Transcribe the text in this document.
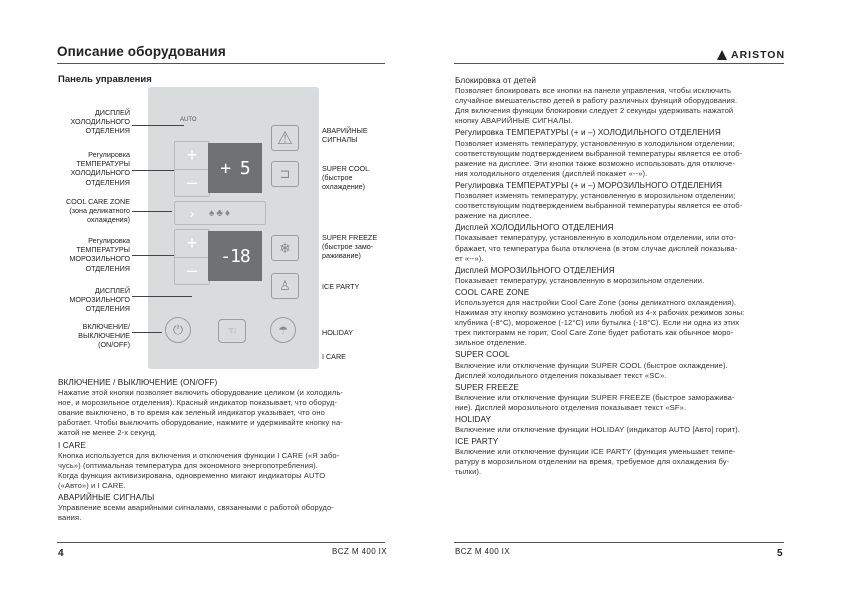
Описание оборудования	ARISTON
Панель управления
AUTO
+
–
+ 5
›	♠♣♦
+
–
-18
⚠
⊐
❄
♙
⏻	☜	☂
ДИСПЛЕЙ
ХОЛОДИЛЬНОГО
ОТДЕЛЕНИЯ
Регулировка
ТЕМПЕРАТУРЫ
ХОЛОДИЛЬНОГО
ОТДЕЛЕНИЯ
COOL CARE ZONE
(зона деликатного
охлаждения)
Регулировка
ТЕМПЕРАТУРЫ
МОРОЗИЛЬНОГО
ОТДЕЛЕНИЯ
ДИСПЛЕЙ
МОРОЗИЛЬНОГО
ОТДЕЛЕНИЯ
ВКЛЮЧЕНИЕ/
ВЫКЛЮЧЕНИЕ
(ON/OFF)
АВАРИЙНЫЕ
СИГНАЛЫ
SUPER COOL
(быстрое
охлаждение)
SUPER FREEZE
(быстрое замо-
раживание)
ICE PARTY
HOLIDAY
I CARE
ВКЛЮЧЕНИЕ / ВЫКЛЮЧЕНИЕ (ON/OFF)

Нажатие этой кнопки позволяет включить оборудование целиком (и холодиль-
ное, и морозильное отделения). Красный индикатор показывает, что оборуд-
ование выключено, в то время как зеленый индикатор указывает, что оно
работает. Чтобы выключить оборудование, нажмите и удерживайте кнопку на-
жатой не менее 2-х секунд.

I CARE

Кнопка используется для включения и отключения функции I CARE («Я забо-
чусь») (оптимальная температура для экономного энергопотребления).
Когда функция активизирована, одновременно мигают индикаторы AUTO
(«Авто») и I CARE.

АВАРИЙНЫЕ СИГНАЛЫ

Управление всеми аварийными сигналами, связанными с работой оборудо-
вания.

Блокировка от детей

Позволяет блокировать все кнопки на панели управления, чтобы исключить
случайное вмешательство детей в работу различных функций оборудования.
Для включения функции блокировки следует 2 секунды удерживать нажатой
кнопку АВАРИЙНЫЕ СИГНАЛЫ.

Регулировка ТЕМПЕРАТУРЫ (+ и –) ХОЛОДИЛЬНОГО ОТДЕЛЕНИЯ

Позволяет изменять температуру, установленную в холодильном отделении;
соответствующим подтверждением выбранной температуры является ее отоб-
ражение на дисплее. Эти кнопки также возможно использовать для отключе-
ния холодильного отделения (дисплей покажет «--»).

Регулировка ТЕМПЕРАТУРЫ (+ и –) МОРОЗИЛЬНОГО ОТДЕЛЕНИЯ

Позволяет изменять температуру, установленную в морозильном отделении;
соответствующим подтверждением выбранной температуры является ее отоб-
ражение на дисплее.

Дисплей ХОЛОДИЛЬНОГО ОТДЕЛЕНИЯ

Показывает температуру, установленную в холодильном отделении, или ото-
бражает, что температура была отключена (в этом случае дисплей показыва-
ет «--»).

Дисплей МОРОЗИЛЬНОГО ОТДЕЛЕНИЯ

Показывает температуру, установленную в морозильном отделении.

COOL CARE ZONE

Используется для настройки Cool Care Zone (зоны деликатного охлаждения).
Нажимая эту кнопку возможно установить любой из 4-х рабочих режимов зоны:
клубника (-8°С), мороженое (-12°С) или бутылка (-18°С). Если ни одна из этих
трех пиктограмм не горит, Cool Care Zone будет работать как обычное моро-
зильное отделение.

SUPER COOL

Включение или отключение функции SUPER COOL (быстрое охлаждение).
Дисплей холодильного отделения показывает текст «SC».

SUPER FREEZE

Включение или отключение функции SUPER FREEZE (быстрое заморажива-
ние). Дисплей морозильного отделения показывает текст «SF».

HOLIDAY

Включение или отключение функции HOLIDAY (индикатор AUTO [Авто] горит).

ICE PARTY

Включение или отключение функции ICE PARTY (функция уменьшает темпе-
ратуру в морозильном отделении на время, требуемое для охлаждения бу-
тылки).

4	BCZ M 400 IX	BCZ M 400 IX	5
